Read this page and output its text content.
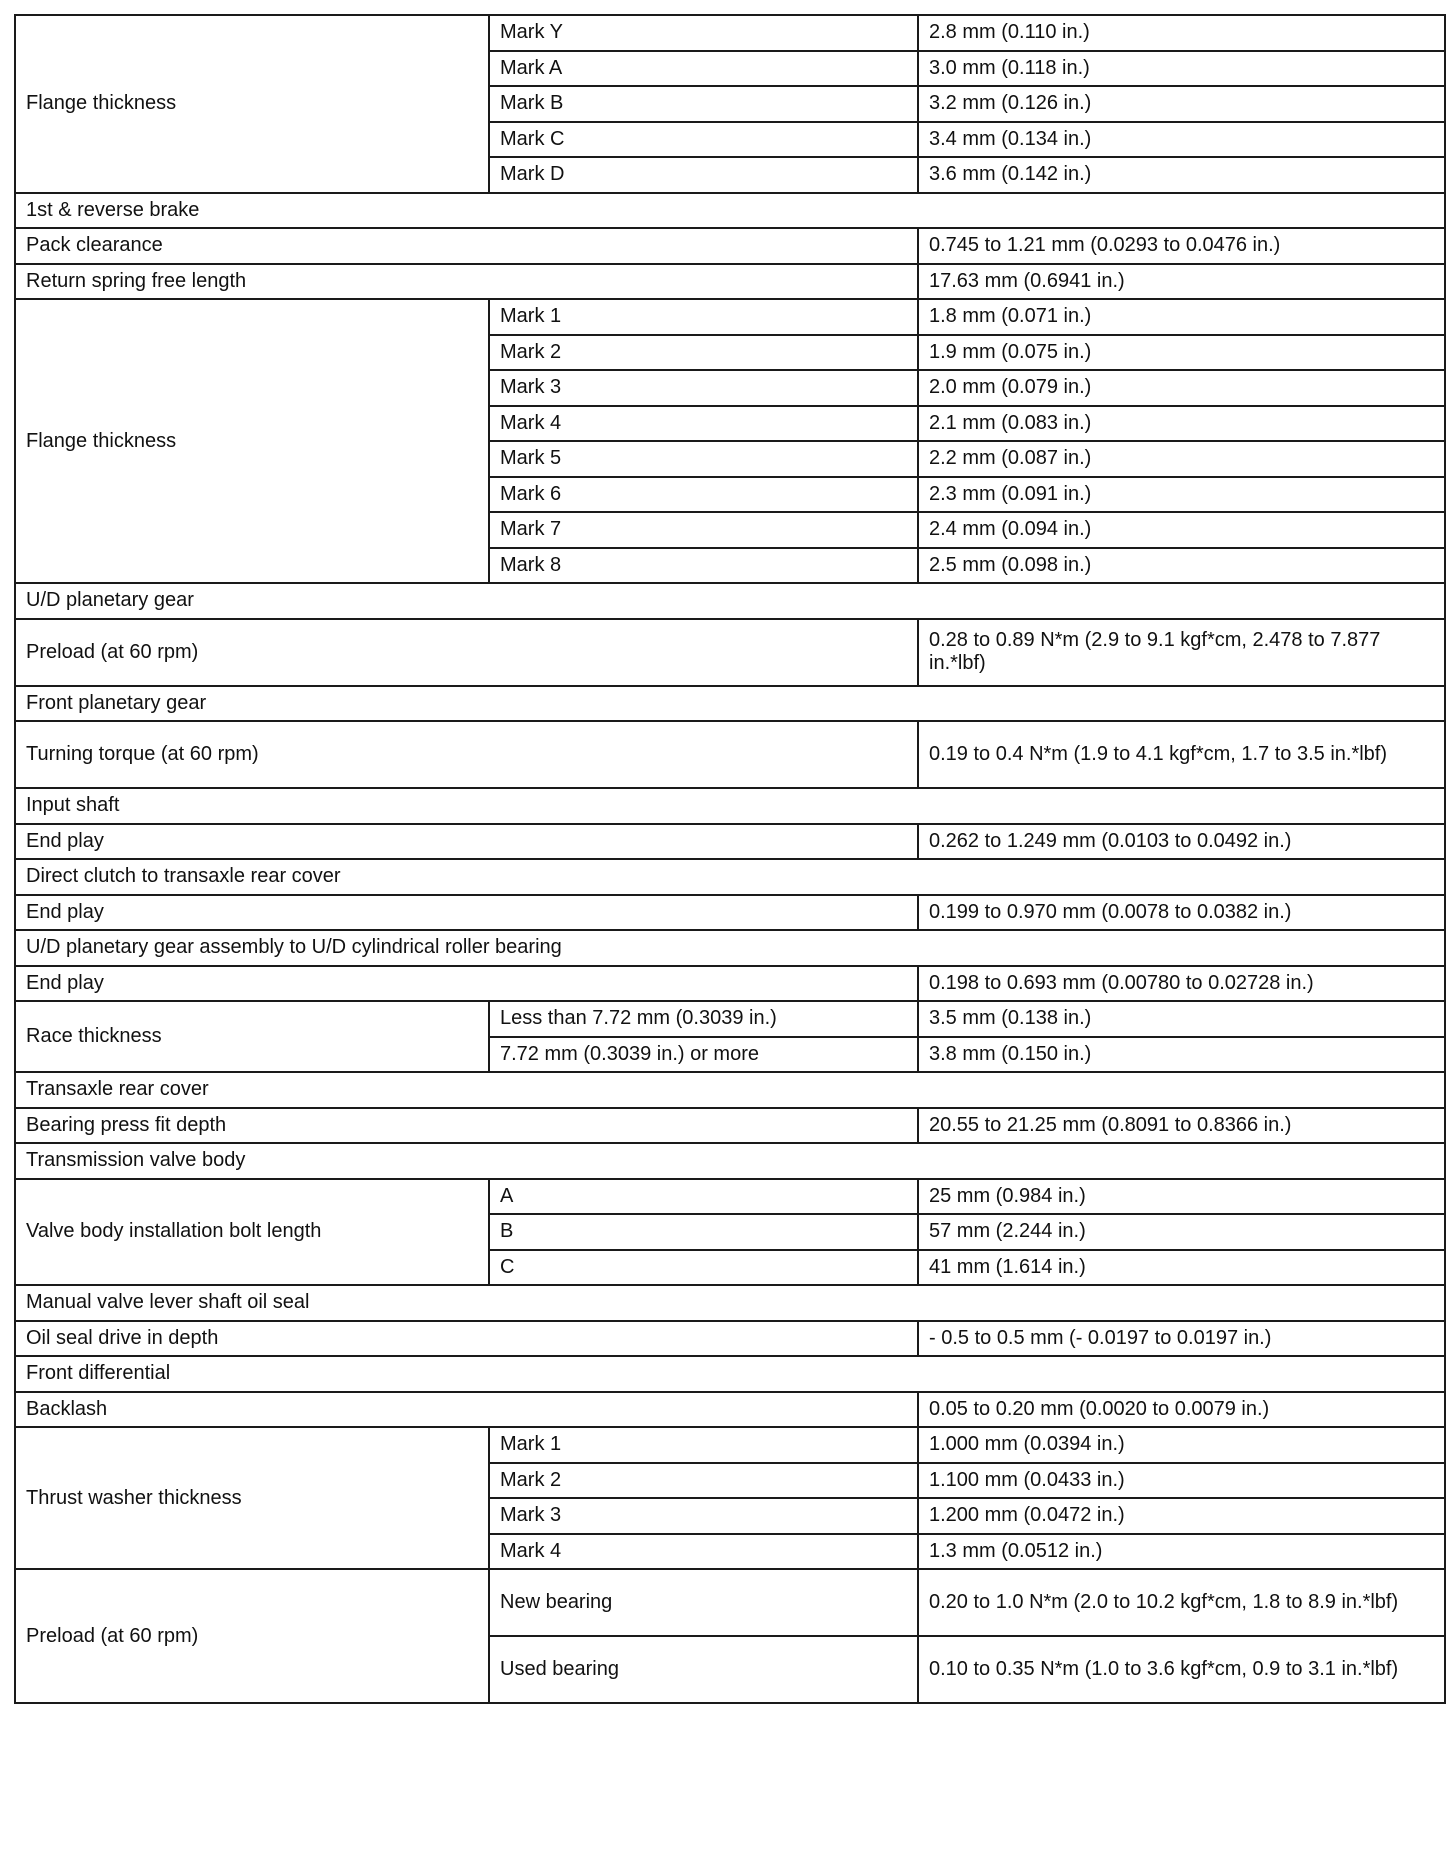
Flange thickness	Mark Y	2.8 mm (0.110 in.)
	Mark A	3.0 mm (0.118 in.)
	Mark B	3.2 mm (0.126 in.)
	Mark C	3.4 mm (0.134 in.)
	Mark D	3.6 mm (0.142 in.)
1st & reverse brake		
Pack clearance		0.745 to 1.21 mm (0.0293 to 0.0476 in.)
Return spring free length		17.63 mm (0.6941 in.)
Flange thickness	Mark 1	1.8 mm (0.071 in.)
	Mark 2	1.9 mm (0.075 in.)
	Mark 3	2.0 mm (0.079 in.)
	Mark 4	2.1 mm (0.083 in.)
	Mark 5	2.2 mm (0.087 in.)
	Mark 6	2.3 mm (0.091 in.)
	Mark 7	2.4 mm (0.094 in.)
	Mark 8	2.5 mm (0.098 in.)
U/D planetary gear		
Preload (at 60 rpm)		0.28 to 0.89 N*m (2.9 to 9.1 kgf*cm, 2.478 to 7.877 in.*lbf)
Front planetary gear		
Turning torque (at 60 rpm)		0.19 to 0.4 N*m (1.9 to 4.1 kgf*cm, 1.7 to 3.5 in.*lbf)
Input shaft		
End play		0.262 to 1.249 mm (0.0103 to 0.0492 in.)
Direct clutch to transaxle rear cover		
End play		0.199 to 0.970 mm (0.0078 to 0.0382 in.)
U/D planetary gear assembly to U/D cylindrical roller bearing		
End play		0.198 to 0.693 mm (0.00780 to 0.02728 in.)
Race thickness	Less than 7.72 mm (0.3039 in.)	3.5 mm (0.138 in.)
	7.72 mm (0.3039 in.) or more	3.8 mm (0.150 in.)
Transaxle rear cover		
Bearing press fit depth		20.55 to 21.25 mm (0.8091 to 0.8366 in.)
Transmission valve body		
Valve body installation bolt length	A	25 mm (0.984 in.)
	B	57 mm (2.244 in.)
	C	41 mm (1.614 in.)
Manual valve lever shaft oil seal		
Oil seal drive in depth		- 0.5 to 0.5 mm (- 0.0197 to 0.0197 in.)
Front differential		
Backlash		0.05 to 0.20 mm (0.0020 to 0.0079 in.)
Thrust washer thickness	Mark 1	1.000 mm (0.0394 in.)
	Mark 2	1.100 mm (0.0433 in.)
	Mark 3	1.200 mm (0.0472 in.)
	Mark 4	1.3 mm (0.0512 in.)
Preload (at 60 rpm)	New bearing	0.20 to 1.0 N*m (2.0 to 10.2 kgf*cm, 1.8 to 8.9 in.*lbf)
	Used bearing	0.10 to 0.35 N*m (1.0 to 3.6 kgf*cm, 0.9 to 3.1 in.*lbf)
